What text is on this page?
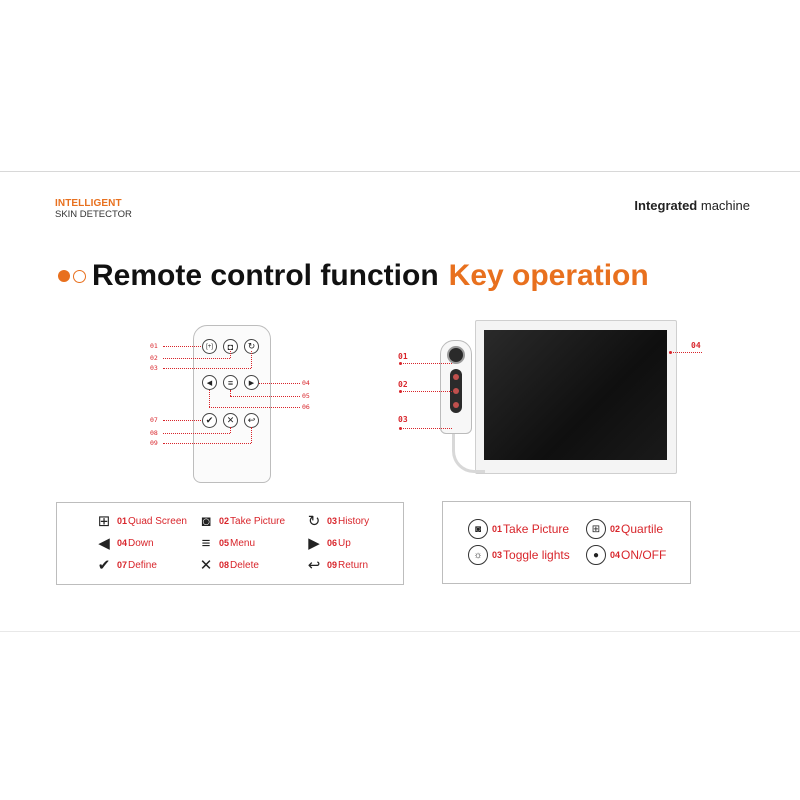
INTELLIGENT
SKIN DETECTOR
Integrated machine
Remote control function Key operation
[+] ◘ ↻
◀ ≡ ▶
✔ ✕ ↩
01
02
03
04
05
06
07
08
09
01
02
03
04
⊞ 01 Quad Screen ◙ 02 Take Picture ↻ 03 History
◀ 04 Down	≡ 05 Menu	▶ 06 Up
✔ 07 Define	✕ 08 Delete	↩ 09 Return
◙	01 Take Picture	⊞	02 Quartile
☼	03 Toggle lights	●	04 ON/OFF
